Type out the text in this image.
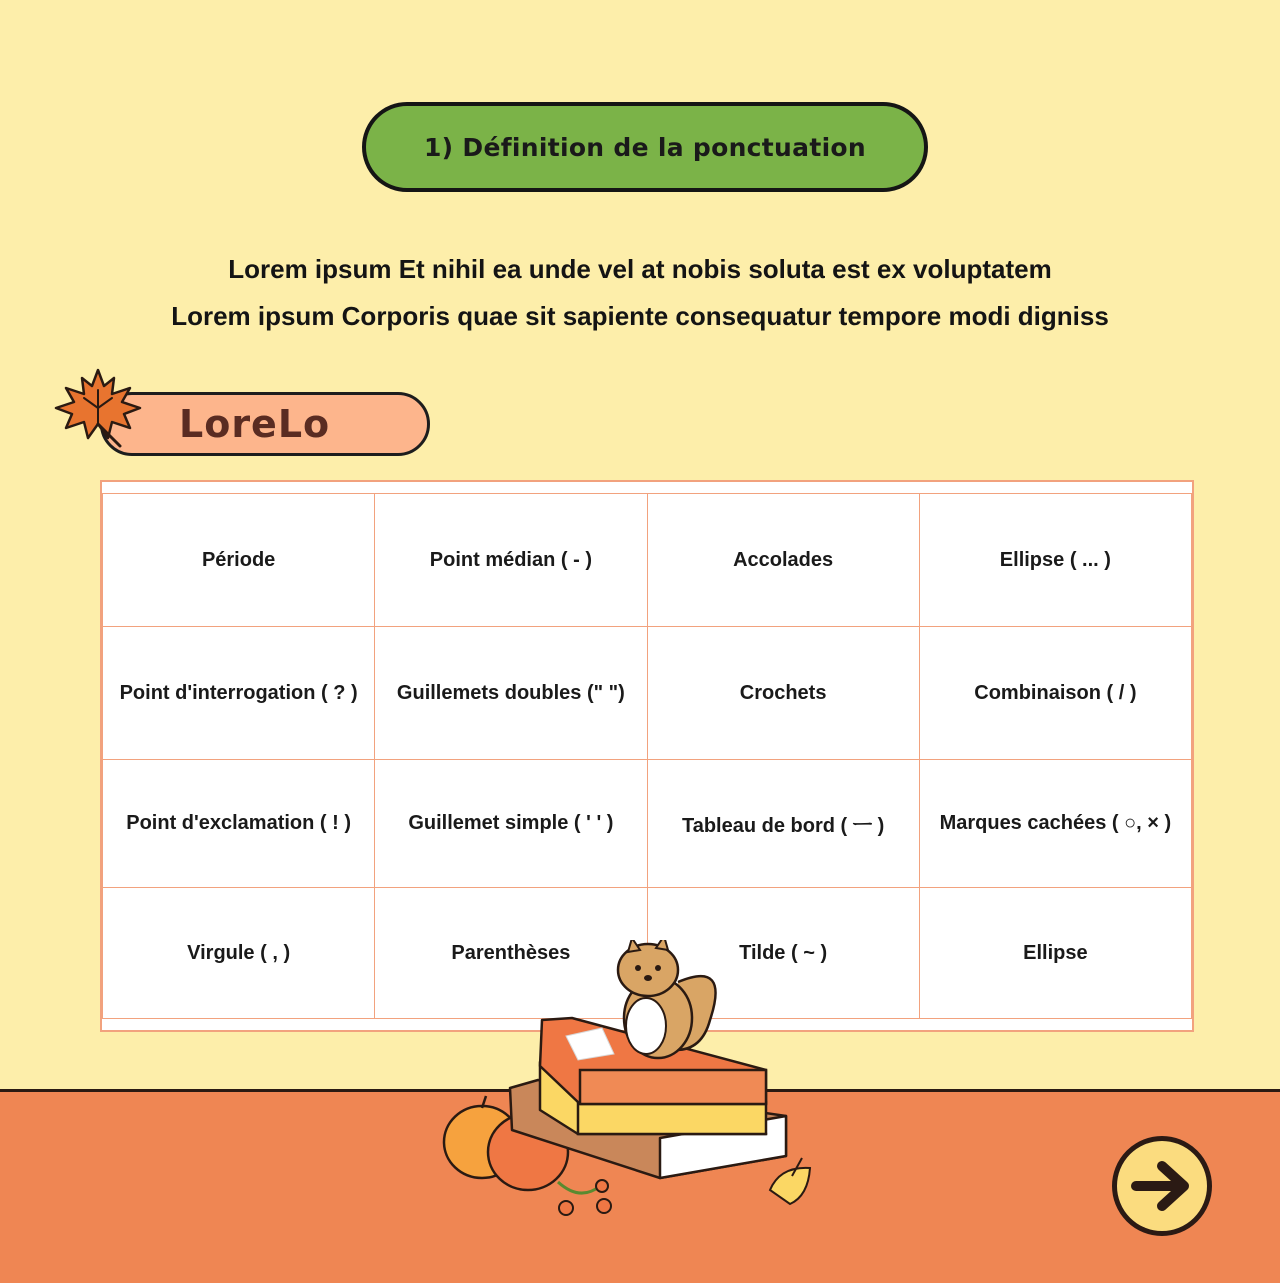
1) Définition de la ponctuation
Lorem ipsum Et nihil ea unde vel at nobis soluta est ex voluptatem
Lorem ipsum Corporis quae sit sapiente consequatur tempore modi digniss
LoreLo
Période	Point médian ( - )	Accolades	Ellipse ( ... )
Point d'interrogation ( ? )	Guillemets doubles (" ")	Crochets	Combinaison ( / )
Point d'exclamation ( ! )	Guillemet simple ( ' ' )	Tableau de bord ( ㅡ )	Marques cachées ( ○, × )
Virgule ( , )	Parenthèses	Tilde ( ~ )	Ellipse
